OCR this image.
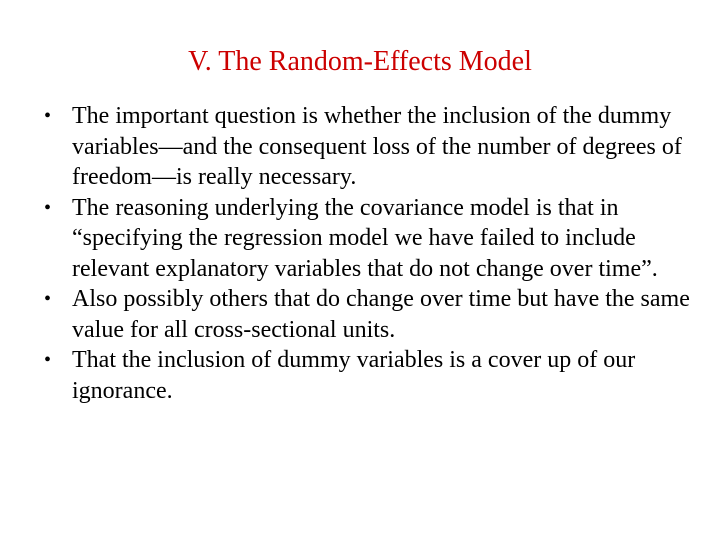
V. The Random-Effects Model
• The important question is whether the inclusion of the dummy variables—and the consequent loss of the number of degrees of freedom—is really necessary.
• The reasoning underlying the covariance model is that in “specifying the regression model we have failed to include relevant explanatory variables that do not change over time”.
• Also possibly others that do change over time but have the same value for all cross-sectional units.
• That the inclusion of dummy variables is a cover up of our ignorance.
